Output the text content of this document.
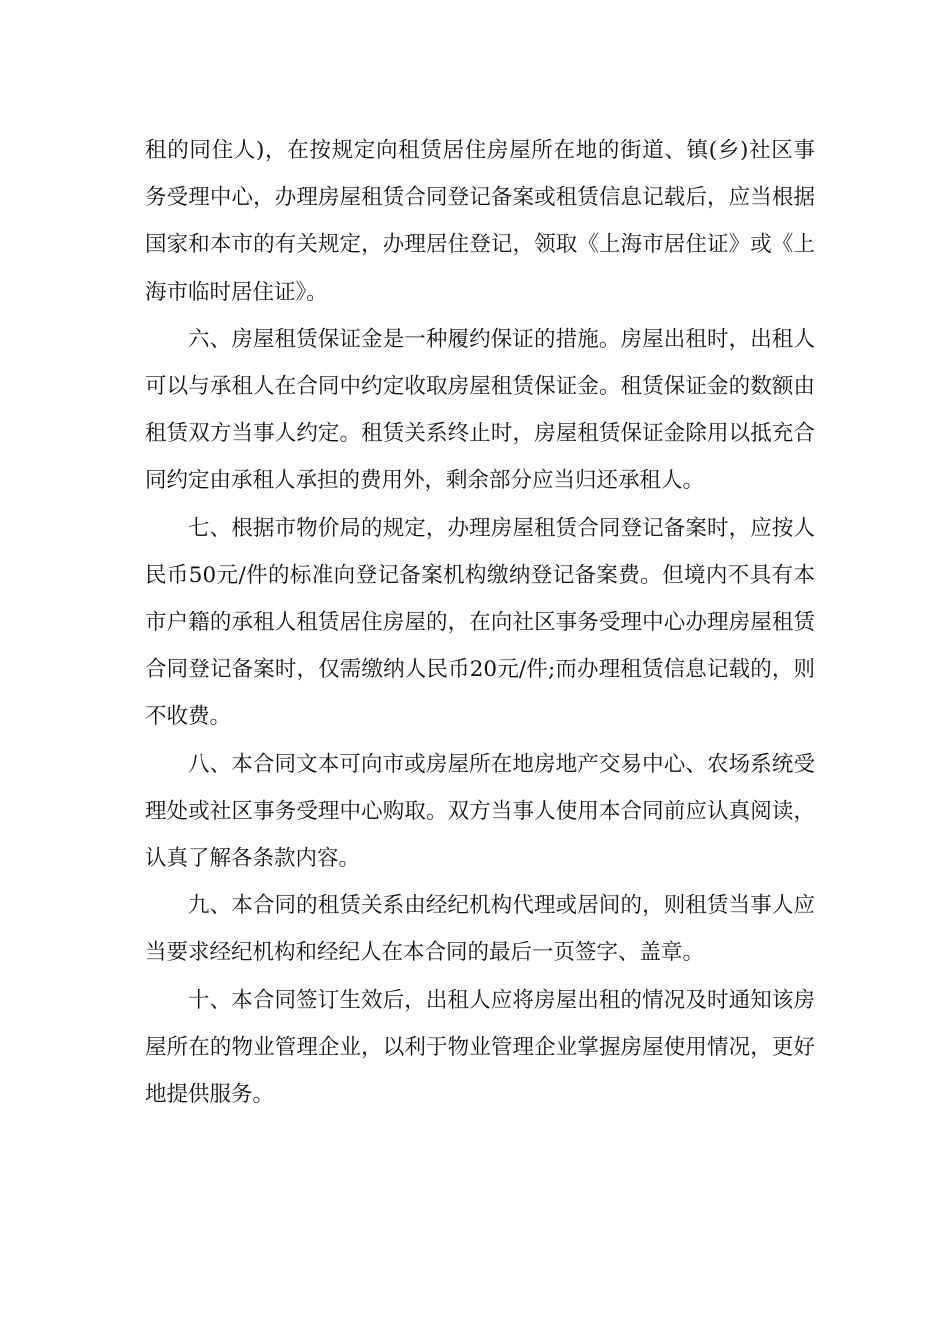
租的同住人)，在按规定向租赁居住房屋所在地的街道、镇(乡)社区事务受理中心，办理房屋租赁合同登记备案或租赁信息记载后，应当根据国家和本市的有关规定，办理居住登记，领取《上海市居住证》或《上海市临时居住证》。

六、房屋租赁保证金是一种履约保证的措施。房屋出租时，出租人可以与承租人在合同中约定收取房屋租赁保证金。租赁保证金的数额由租赁双方当事人约定。租赁关系终止时，房屋租赁保证金除用以抵充合同约定由承租人承担的费用外，剩余部分应当归还承租人。

七、根据市物价局的规定，办理房屋租赁合同登记备案时，应按人民币50元/件的标准向登记备案机构缴纳登记备案费。但境内不具有本市户籍的承租人租赁居住房屋的，在向社区事务受理中心办理房屋租赁合同登记备案时，仅需缴纳人民币20元/件;而办理租赁信息记载的，则不收费。

八、本合同文本可向市或房屋所在地房地产交易中心、农场系统受理处或社区事务受理中心购取。双方当事人使用本合同前应认真阅读，认真了解各条款内容。

九、本合同的租赁关系由经纪机构代理或居间的，则租赁当事人应当要求经纪机构和经纪人在本合同的最后一页签字、盖章。

十、本合同签订生效后，出租人应将房屋出租的情况及时通知该房屋所在的物业管理企业，以利于物业管理企业掌握房屋使用情况，更好地提供服务。
